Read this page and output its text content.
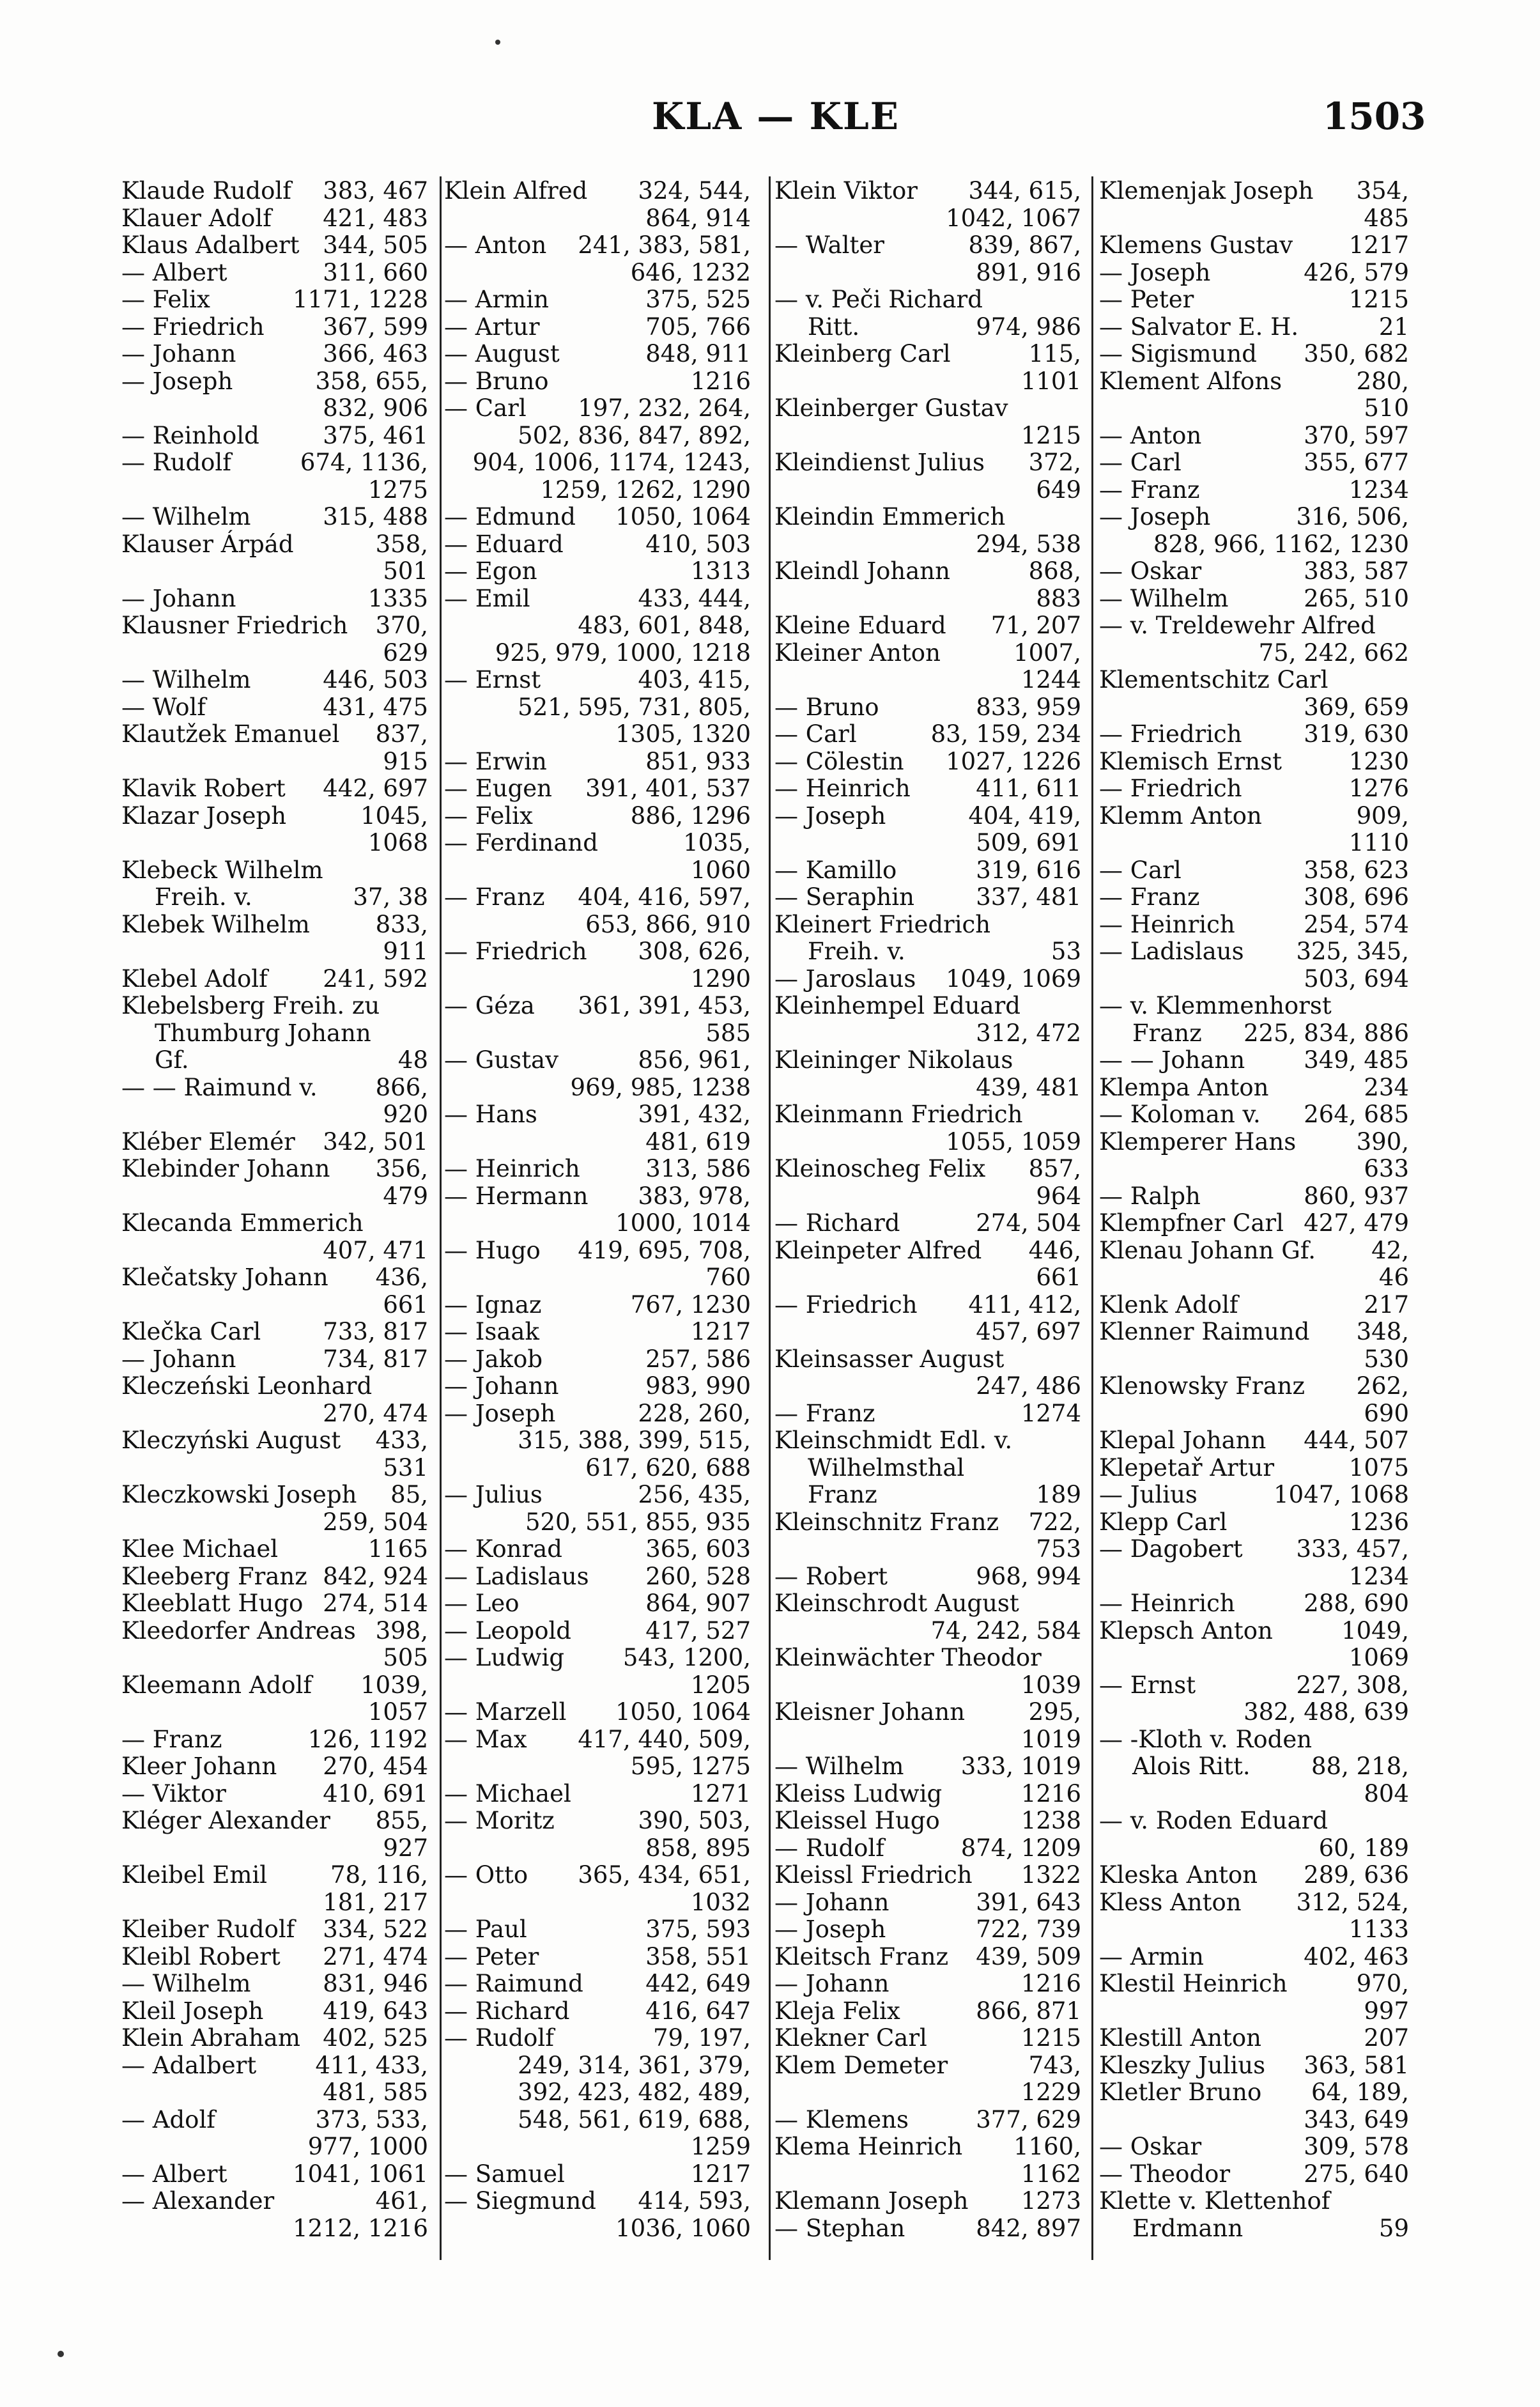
KLA — KLE	1503
Klaude Rudolf 383, 467
Klauer Adolf 421, 483
Klaus Adalbert 344, 505
— Albert	311, 660
— Felix	1171, 1228
— Friedrich 367, 599
— Johann	366, 463
— Joseph	358, 655,
832, 906
— Reinhold	375, 461
— Rudolf	674, 1136,
1275
— Wilhelm	315, 488
Klauser Árpád	358,
501
— Johann	1335
Klausner Friedrich 370,
629
— Wilhelm	446, 503
— Wolf	431, 475
Klautžek Emanuel 837,
915
Klavik Robert 442, 697
Klazar Joseph	1045,
1068
Klebeck Wilhelm
Freih. v.	37, 38
Klebek Wilhelm	833,
911
Klebel Adolf 241, 592
Klebelsberg Freih. zu
Thumburg Johann
Gf.	48
— — Raimund v. 866,
920
Kléber Elemér 342, 501
Klebinder Johann 356,
479
Klecanda Emmerich
407, 471
Klečatsky Johann 436,
661
Klečka Carl	733, 817
— Johann	734, 817
Kleczeński Leonhard
270, 474
Kleczyński August 433,
531
Kleczkowski Joseph 85,
259, 504
Klee Michael	1165
Kleeberg Franz 842, 924
Kleeblatt Hugo 274, 514
Kleedorfer Andreas 398,
505
Kleemann Adolf 1039,
1057
— Franz	126, 1192
Kleer Johann 270, 454
— Viktor	410, 691
Kléger Alexander 855,
927
Kleibel Emil	78, 116,
181, 217
Kleiber Rudolf 334, 522
Kleibl Robert 271, 474
— Wilhelm	831, 946
Kleil Joseph	419, 643
Klein Abraham 402, 525
— Adalbert 411, 433,
481, 585
— Adolf	373, 533,
977, 1000
— Albert	1041, 1061
— Alexander	461,
1212, 1216
Klein Alfred 324, 544,
864, 914
— Anton 241, 383, 581,
646, 1232
— Armin	375, 525
— Artur	705, 766
— August	848, 911
— Bruno	1216
— Carl 197, 232, 264,
502, 836, 847, 892,
904, 1006, 1174, 1243,
1259, 1262, 1290
— Edmund 1050, 1064
— Eduard	410, 503
— Egon	1313
— Emil	433, 444,
483, 601, 848,
925, 979, 1000, 1218
— Ernst	403, 415,
521, 595, 731, 805,
1305, 1320
— Erwin	851, 933
— Eugen 391, 401, 537
— Felix	886, 1296
— Ferdinand	1035,
1060
— Franz 404, 416, 597,
653, 866, 910
— Friedrich 308, 626,
1290
— Géza 361, 391, 453,
585
— Gustav	856, 961,
969, 985, 1238
— Hans	391, 432,
481, 619
— Heinrich	313, 586
— Hermann 383, 978,
1000, 1014
— Hugo 419, 695, 708,
760
— Ignaz	767, 1230
— Isaak	1217
— Jakob	257, 586
— Johann	983, 990
— Joseph	228, 260,
315, 388, 399, 515,
617, 620, 688
— Julius	256, 435,
520, 551, 855, 935
— Konrad	365, 603
— Ladislaus 260, 528
— Leo	864, 907
— Leopold	417, 527
— Ludwig 543, 1200,
1205
— Marzell 1050, 1064
— Max 417, 440, 509,
595, 1275
— Michael	1271
— Moritz	390, 503,
858, 895
— Otto 365, 434, 651,
1032
— Paul	375, 593
— Peter	358, 551
— Raimund	442, 649
— Richard	416, 647
— Rudolf	79, 197,
249, 314, 361, 379,
392, 423, 482, 489,
548, 561, 619, 688,
1259
— Samuel	1217
— Siegmund 414, 593,
1036, 1060
Klein Viktor 344, 615,
1042, 1067
— Walter	839, 867,
891, 916
— v. Peči Richard
Ritt.	974, 986
Kleinberg Carl	115,
1101
Kleinberger Gustav
1215
Kleindienst Julius 372,
649
Kleindin Emmerich
294, 538
Kleindl Johann	868,
883
Kleine Eduard 71, 207
Kleiner Anton	1007,
1244
— Bruno	833, 959
— Carl	83, 159, 234
— Cölestin 1027, 1226
— Heinrich	411, 611
— Joseph	404, 419,
509, 691
— Kamillo	319, 616
— Seraphin	337, 481
Kleinert Friedrich
Freih. v.	53
— Jaroslaus 1049, 1069
Kleinhempel Eduard
312, 472
Kleininger Nikolaus
439, 481
Kleinmann Friedrich
1055, 1059
Kleinoscheg Felix 857,
964
— Richard	274, 504
Kleinpeter Alfred 446,
661
— Friedrich 411, 412,
457, 697
Kleinsasser August
247, 486
— Franz	1274
Kleinschmidt Edl. v.
Wilhelmsthal
Franz	189
Kleinschnitz Franz 722,
753
— Robert	968, 994
Kleinschrodt August
74, 242, 584
Kleinwächter Theodor
1039
Kleisner Johann	295,
1019
— Wilhelm 333, 1019
Kleiss Ludwig	1216
Kleissel Hugo	1238
— Rudolf	874, 1209
Kleissl Friedrich 1322
— Johann	391, 643
— Joseph	722, 739
Kleitsch Franz 439, 509
— Johann	1216
Kleja Felix	866, 871
Klekner Carl	1215
Klem Demeter	743,
1229
— Klemens	377, 629
Klema Heinrich 1160,
1162
Klemann Joseph 1273
— Stephan	842, 897
Klemenjak Joseph 354,
485
Klemens Gustav 1217
— Joseph	426, 579
— Peter	1215
— Salvator E. H.	21
— Sigismund 350, 682
Klement Alfons	280,
510
— Anton	370, 597
— Carl	355, 677
— Franz	1234
— Joseph	316, 506,
828, 966, 1162, 1230
— Oskar	383, 587
— Wilhelm	265, 510
— v. Treldewehr Alfred
75, 242, 662
Klementschitz Carl
369, 659
— Friedrich	319, 630
Klemisch Ernst	1230
— Friedrich	1276
Klemm Anton	909,
1110
— Carl	358, 623
— Franz	308, 696
— Heinrich	254, 574
— Ladislaus 325, 345,
503, 694
— v. Klemmenhorst
Franz 225, 834, 886
— — Johann 349, 485
Klempa Anton	234
— Koloman v. 264, 685
Klemperer Hans	390,
633
— Ralph	860, 937
Klempfner Carl 427, 479
Klenau Johann Gf. 42,
46
Klenk Adolf	217
Klenner Raimund 348,
530
Klenowsky Franz 262,
690
Klepal Johann 444, 507
Klepetař Artur	1075
— Julius	1047, 1068
Klepp Carl	1236
— Dagobert 333, 457,
1234
— Heinrich	288, 690
Klepsch Anton	1049,
1069
— Ernst	227, 308,
382, 488, 639
— -Kloth v. Roden
Alois Ritt.	88, 218,
804
— v. Roden Eduard
60, 189
Kleska Anton 289, 636
Kless Anton 312, 524,
1133
— Armin	402, 463
Klestil Heinrich	970,
997
Klestill Anton	207
Kleszky Julius 363, 581
Kletler Bruno 64, 189,
343, 649
— Oskar	309, 578
— Theodor	275, 640
Klette v. Klettenhof
Erdmann	59
